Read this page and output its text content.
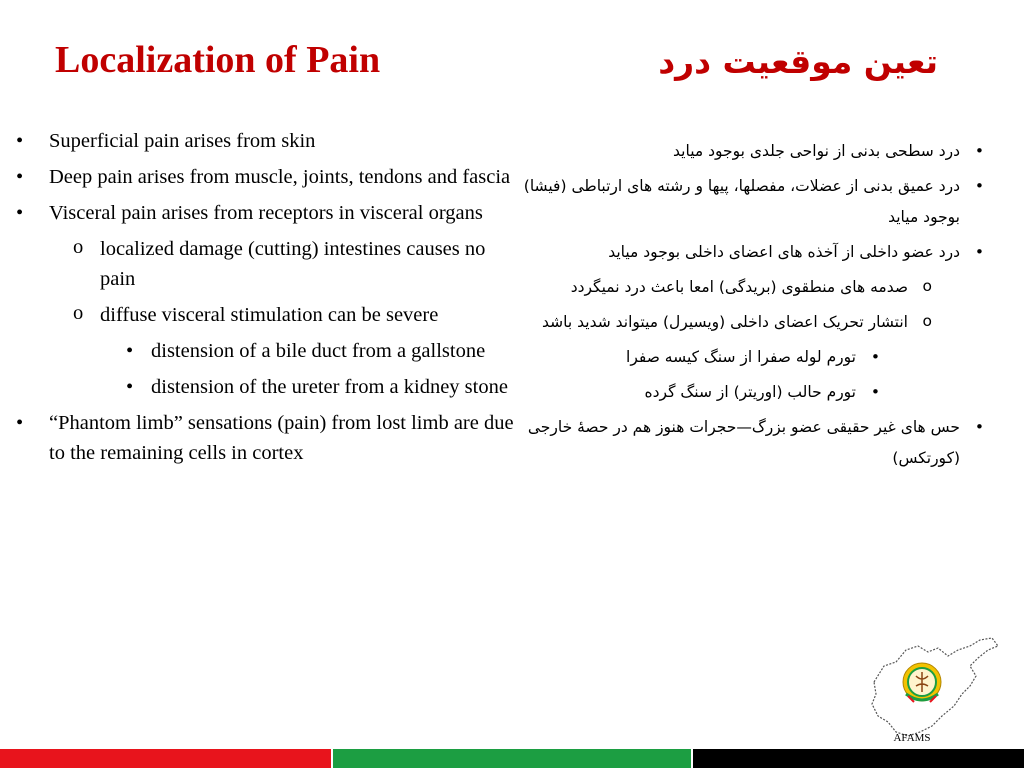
Localization of Pain	تعین موقعیت درد
• Superficial pain arises from skin
• Deep pain arises from muscle, joints, tendons and fascia
• Visceral pain arises from receptors in visceral organs
o localized damage (cutting) intestines causes no pain
o diffuse visceral stimulation can be severe
• distension of a bile duct from a gallstone
• distension of the ureter from a kidney stone
• “Phantom limb” sensations (pain) from lost limb are due to the remaining cells in cortex
• درد سطحی بدنی از نواحی جلدی بوجود میاید
• درد عمیق بدنی از عضلات، مفصلها، پیها و رشته های ارتباطی (فیشا) بوجود میاید
• درد عضو داخلی از آخذه های اعضای داخلی بوجود میاید
o صدمه های منطقوی (بریدگی) امعا باعث درد نمیگردد
o انتشار تحریک اعضای داخلی (ویسیرل) میتواند شدید باشد
• تورم لوله صفرا از سنگ کیسه صفرا
• تورم حالب (اوریتر) از سنگ گرده
• حس های غیر حقیقی عضو بزرگ—حجرات هنوز هم در حصۀ خارجی (کورتکس)
AFAMS
